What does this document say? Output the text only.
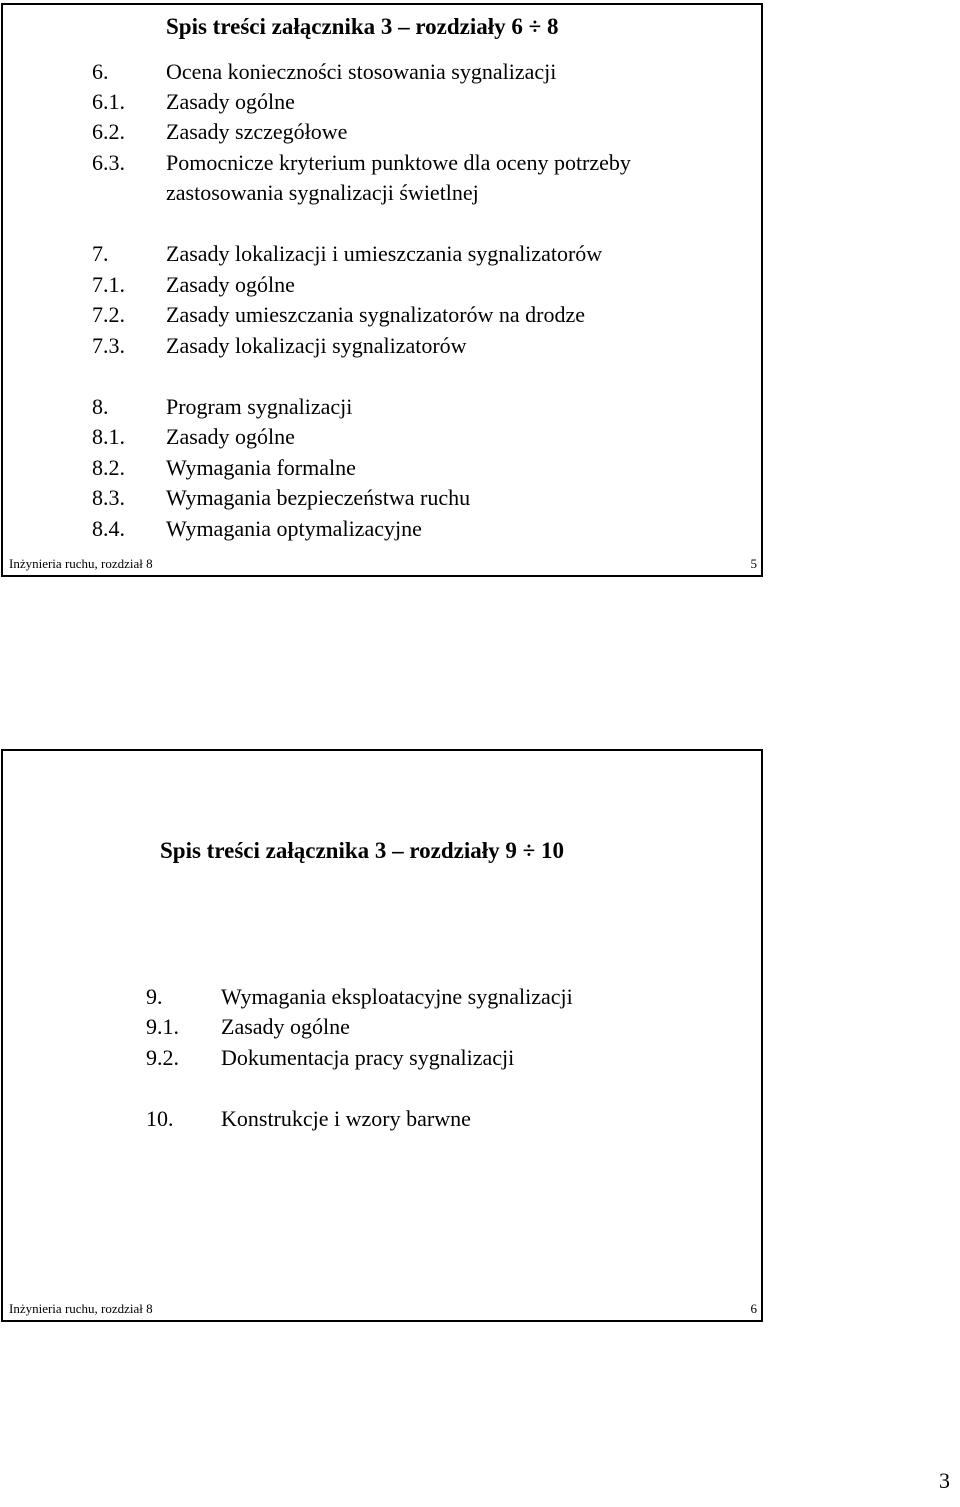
Spis treści załącznika 3 – rozdziały 6 ÷ 8
6.	Ocena konieczności stosowania sygnalizacji
6.1. Zasady ogólne
6.2. Zasady szczegółowe
6.3. Pomocnicze kryterium punktowe dla oceny potrzeby
zastosowania sygnalizacji świetlnej
7.	Zasady lokalizacji i umieszczania sygnalizatorów
7.1. Zasady ogólne
7.2. Zasady umieszczania sygnalizatorów na drodze
7.3. Zasady lokalizacji sygnalizatorów
8.	Program sygnalizacji
8.1. Zasady ogólne
8.2. Wymagania formalne
8.3. Wymagania bezpieczeństwa ruchu
8.4. Wymagania optymalizacyjne
Inżynieria ruchu, rozdział 8	5
Spis treści załącznika 3 – rozdziały 9 ÷ 10
9.	Wymagania eksploatacyjne sygnalizacji
9.1. Zasady ogólne
9.2. Dokumentacja pracy sygnalizacji
10. Konstrukcje i wzory barwne
Inżynieria ruchu, rozdział 8	6
3
